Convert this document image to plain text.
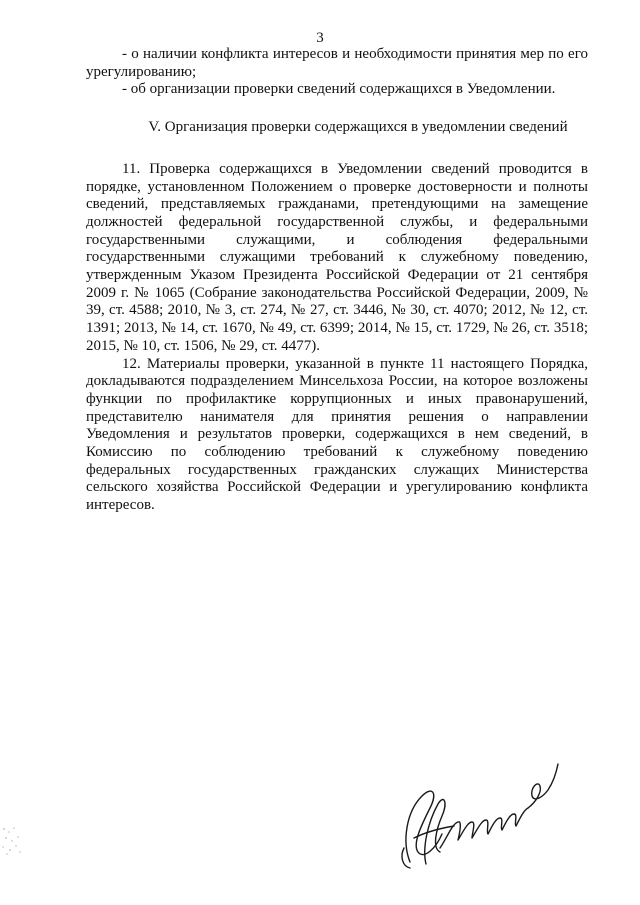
3

- о наличии конфликта интересов и необходимости принятия мер по его урегулированию;

- об организации проверки сведений содержащихся в Уведомлении.

V. Организация проверки содержащихся в уведомлении сведений

11. Проверка содержащихся в Уведомлении сведений проводится в порядке, установленном Положением о проверке достоверности и полноты сведений, представляемых гражданами, претендующими на замещение должностей федеральной государственной службы, и федеральными государственными служащими, и соблюдения федеральными государственными служащими требований к служебному поведению, утвержденным Указом Президента Российской Федерации от 21 сентября 2009 г. № 1065 (Собрание законодательства Российской Федерации, 2009, № 39, ст. 4588; 2010, № 3, ст. 274, № 27, ст. 3446, № 30, ст. 4070; 2012, № 12, ст. 1391; 2013, № 14, ст. 1670, № 49, ст. 6399; 2014, № 15, ст. 1729, № 26, ст. 3518; 2015, № 10, ст. 1506, № 29, ст. 4477).

12. Материалы проверки, указанной в пункте 11 настоящего Порядка, докладываются подразделением Минсельхоза России, на которое возложены функции по профилактике коррупционных и иных правонарушений, представителю нанимателя для принятия решения о направлении Уведомления и результатов проверки, содержащихся в нем сведений, в Комиссию по соблюдению требований к служебному поведению федеральных государственных гражданских служащих Министерства сельского хозяйства Российской Федерации и урегулированию конфликта интересов.
